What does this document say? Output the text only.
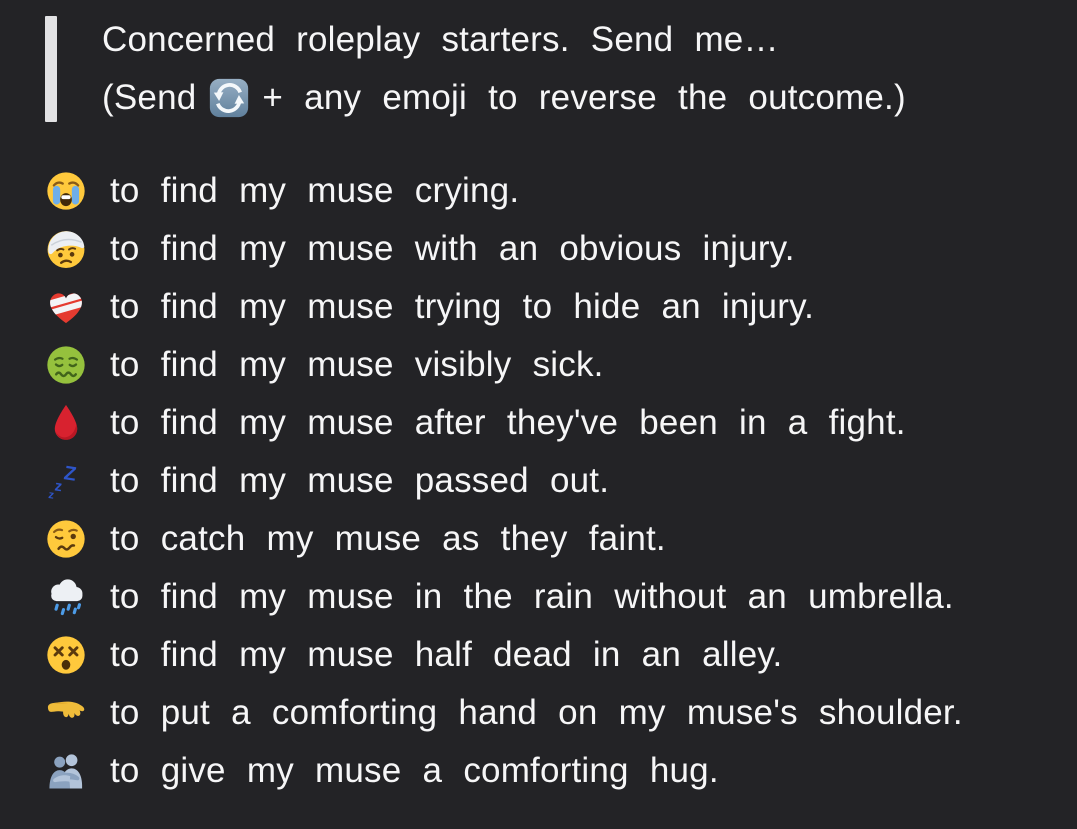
Concerned roleplay starters. Send me…
(Send + any emoji to reverse the outcome.)
to find my muse crying.
to find my muse with an obvious injury.
to find my muse trying to hide an injury.
to find my muse visibly sick.
to find my muse after they've been in a fight.
Z
z
z to find my muse passed out.
to catch my muse as they faint.
to find my muse in the rain without an umbrella.
to find my muse half dead in an alley.
to put a comforting hand on my muse's shoulder.
to give my muse a comforting hug.
